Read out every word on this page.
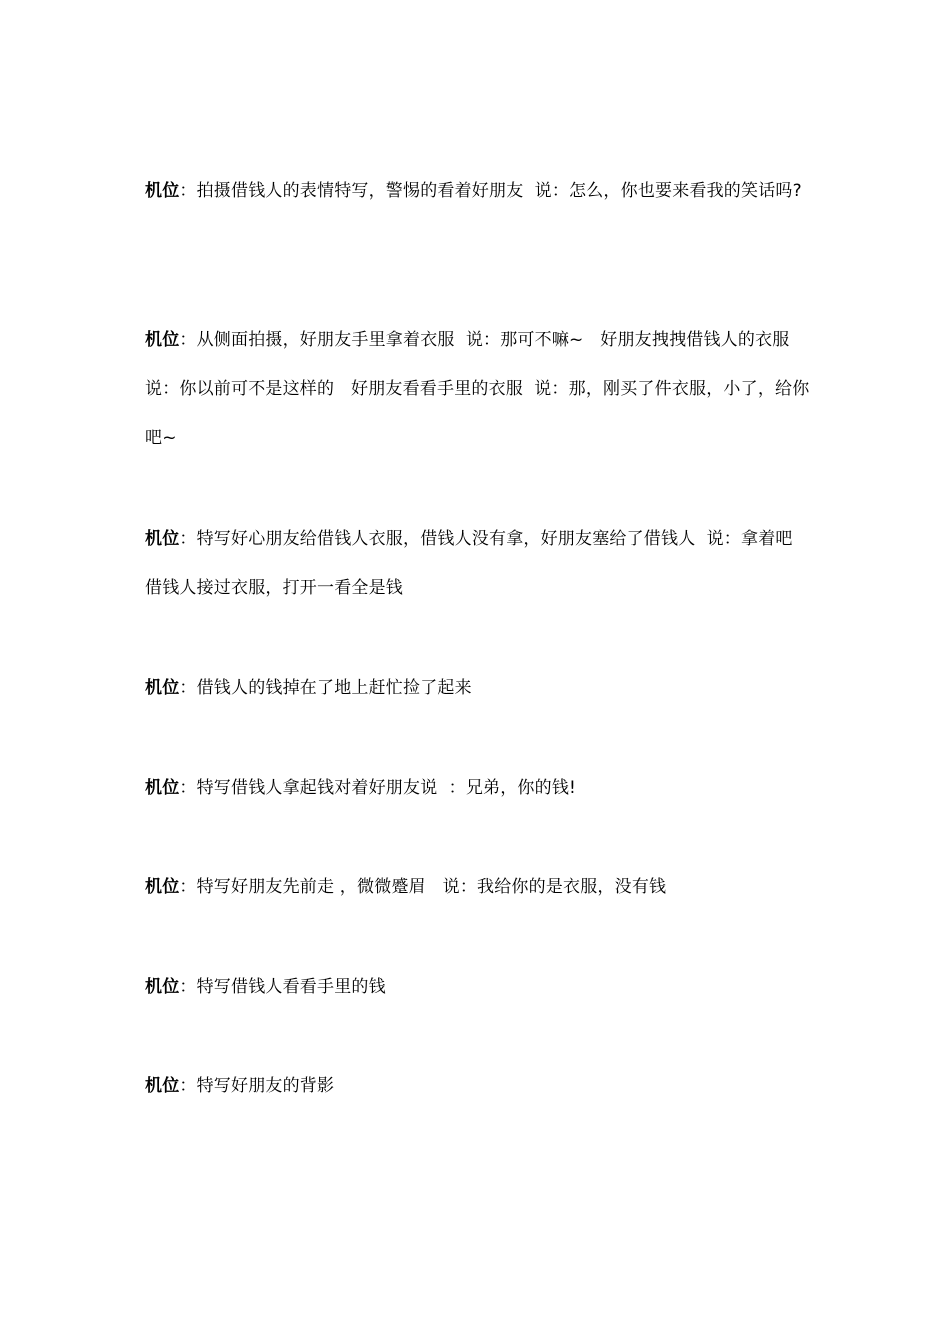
机位：拍摄借钱人的表情特写，警惕的看着好朋友  说：怎么，你也要来看我的笑话吗?
机位：从侧面拍摄，好朋友手里拿着衣服  说：那可不嘛~   好朋友拽拽借钱人的衣服  说：你以前可不是这样的   好朋友看看手里的衣服  说：那，刚买了件衣服，小了，给你吧~
机位：特写好心朋友给借钱人衣服，借钱人没有拿，好朋友塞给了借钱人  说：拿着吧   借钱人接过衣服，打开一看全是钱
机位：借钱人的钱掉在了地上赶忙捡了起来
机位：特写借钱人拿起钱对着好朋友说  ：兄弟，你的钱!
机位：特写好朋友先前走 ，微微蹙眉   说：我给你的是衣服，没有钱
机位：特写借钱人看看手里的钱
机位：特写好朋友的背影
